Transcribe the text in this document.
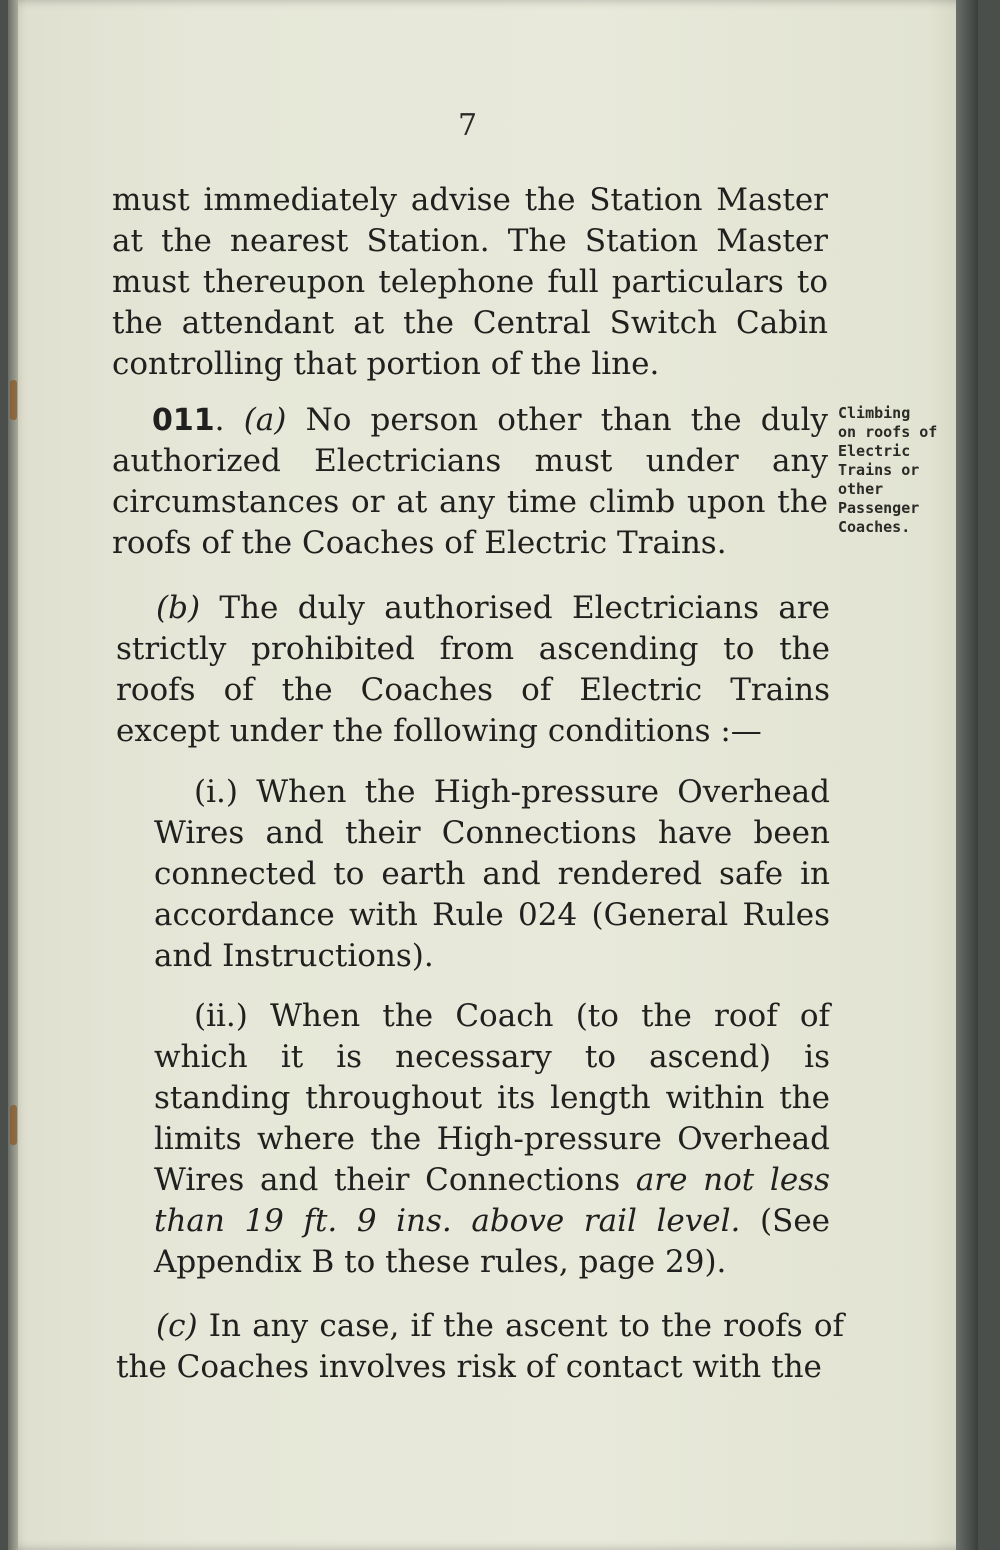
7

must immediately advise the Station Master at the nearest Station. The Station Master must thereupon telephone full particulars to the attendant at the Central Switch Cabin controlling that portion of the line.

011. (a) No person other than the duly authorized Electricians must under any circumstances or at any time climb upon the roofs of the Coaches of Electric Trains.

Climbing
on roofs of
Electric
Trains or
other
Passenger
Coaches.

(b) The duly authorised Electricians are strictly prohibited from ascending to the roofs of the Coaches of Electric Trains except under the following conditions :—

(i.) When the High-pressure Overhead Wires and their Connections have been connected to earth and rendered safe in accordance with Rule 024 (General Rules and Instructions).

(ii.) When the Coach (to the roof of which it is necessary to ascend) is standing throughout its length within the limits where the High-pressure Overhead Wires and their Connections are not less than 19 ft. 9 ins. above rail level. (See Appendix B to these rules, page 29).

(c) In any case, if the ascent to the roofs of the Coaches involves risk of contact with the
